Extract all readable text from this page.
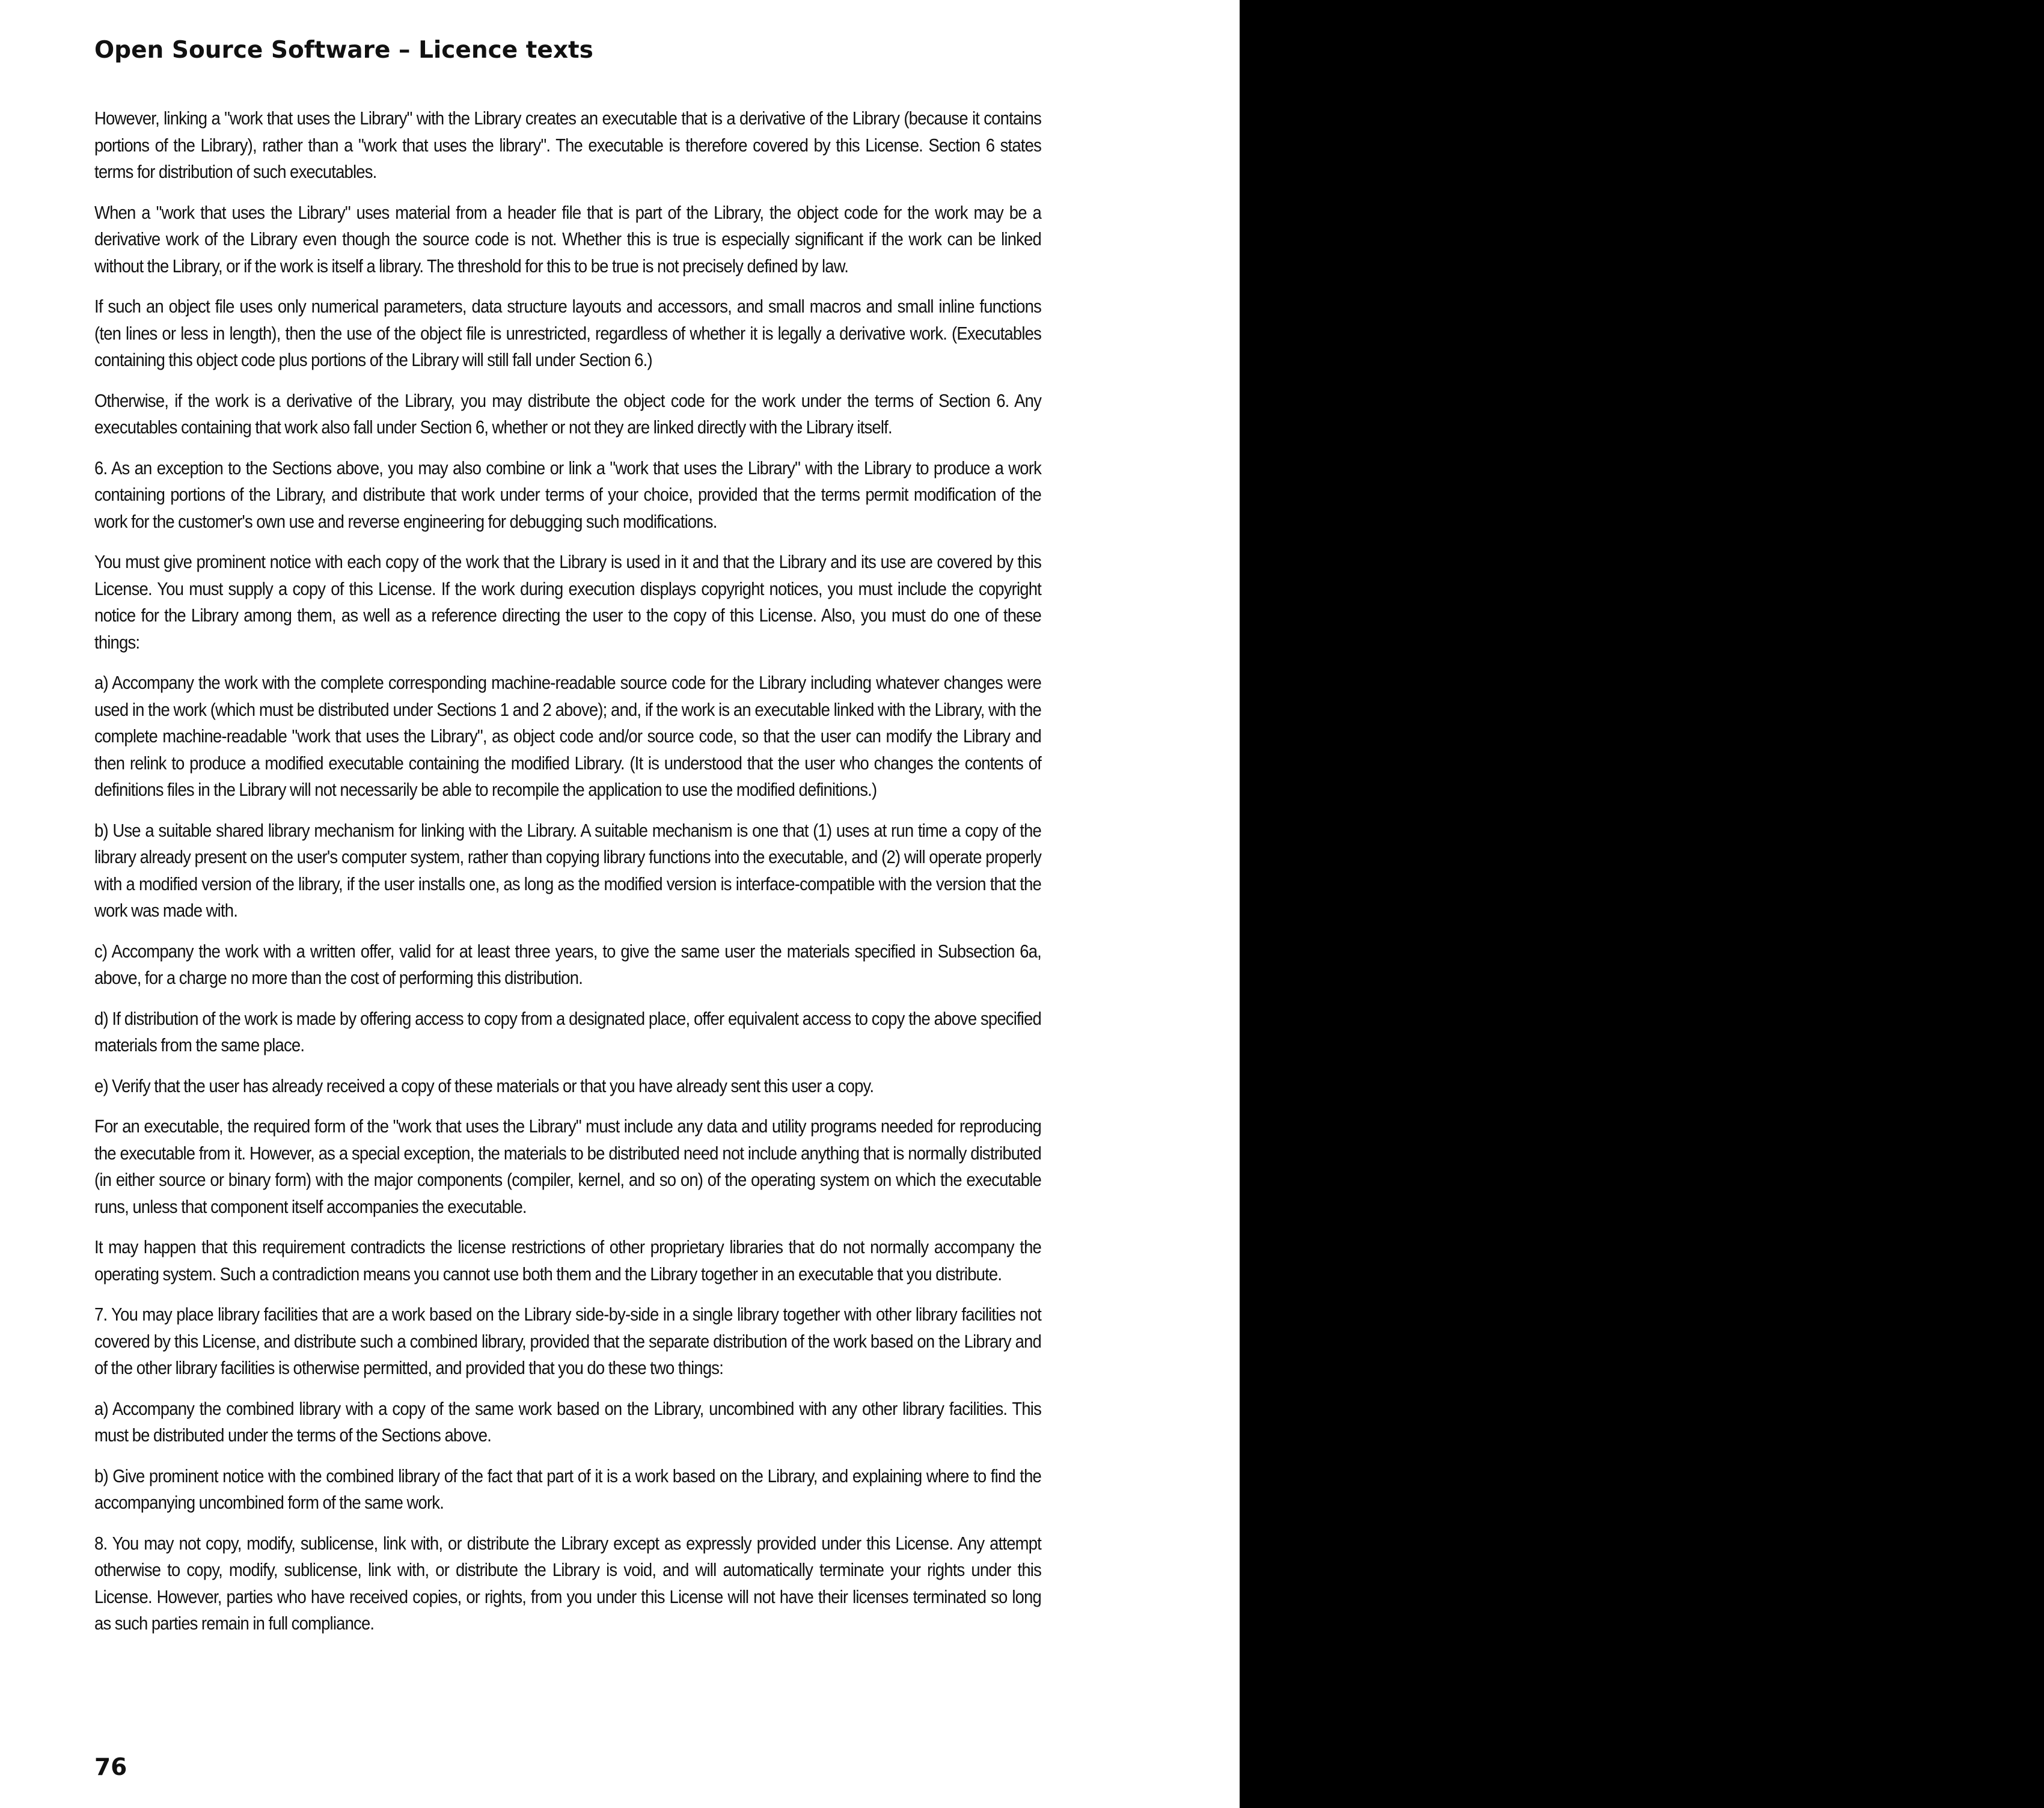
Open Source Software – Licence texts

However, linking a "work that uses the Library" with the Library creates an executable that is a derivative of the Library (because it contains portions of the Library), rather than a "work that uses the library". The executable is therefore covered by this License. Section 6 states terms for distribution of such executables.

When a "work that uses the Library" uses material from a header file that is part of the Library, the object code for the work may be a derivative work of the Library even though the source code is not. Whether this is true is especially significant if the work can be linked without the Library, or if the work is itself a library. The threshold for this to be true is not precisely defined by law.

If such an object file uses only numerical parameters, data structure layouts and accessors, and small macros and small inline functions (ten lines or less in length), then the use of the object file is unrestricted, regardless of whether it is legally a derivative work. (Executables containing this object code plus portions of the Library will still fall under Section 6.)

Otherwise, if the work is a derivative of the Library, you may distribute the object code for the work under the terms of Section 6. Any executables containing that work also fall under Section 6, whether or not they are linked directly with the Library itself.

6. As an exception to the Sections above, you may also combine or link a "work that uses the Library" with the Library to produce a work containing portions of the Library, and distribute that work under terms of your choice, provided that the terms permit modification of the work for the customer's own use and reverse engineering for debugging such modifications.

You must give prominent notice with each copy of the work that the Library is used in it and that the Library and its use are covered by this License. You must supply a copy of this License. If the work during execution displays copyright notices, you must include the copyright notice for the Library among them, as well as a reference directing the user to the copy of this License. Also, you must do one of these things:

a) Accompany the work with the complete corresponding machine-readable source code for the Library including whatever changes were used in the work (which must be distributed under Sections 1 and 2 above); and, if the work is an executable linked with the Library, with the complete machine-readable "work that uses the Library", as object code and/or source code, so that the user can modify the Library and then relink to produce a modified executable containing the modified Library. (It is understood that the user who changes the contents of definitions files in the Library will not necessarily be able to recompile the application to use the modified definitions.)

b) Use a suitable shared library mechanism for linking with the Library. A suitable mechanism is one that (1) uses at run time a copy of the library already present on the user's computer system, rather than copying library functions into the executable, and (2) will operate properly with a modified version of the library, if the user installs one, as long as the modified version is interface-compatible with the version that the work was made with.

c) Accompany the work with a written offer, valid for at least three years, to give the same user the materials specified in Subsection 6a, above, for a charge no more than the cost of performing this distribution.

d) If distribution of the work is made by offering access to copy from a designated place, offer equivalent access to copy the above specified materials from the same place.

e) Verify that the user has already received a copy of these materials or that you have already sent this user a copy.

For an executable, the required form of the "work that uses the Library" must include any data and utility programs needed for reproducing the executable from it. However, as a special exception, the materials to be distributed need not include anything that is normally distributed (in either source or binary form) with the major components (compiler, kernel, and so on) of the operating system on which the executable runs, unless that component itself accompanies the executable.

It may happen that this requirement contradicts the license restrictions of other proprietary libraries that do not normally accompany the operating system. Such a contradiction means you cannot use both them and the Library together in an executable that you distribute.

7. You may place library facilities that are a work based on the Library side-by-side in a single library together with other library facilities not covered by this License, and distribute such a combined library, provided that the separate distribution of the work based on the Library and of the other library facilities is otherwise permitted, and provided that you do these two things:

a) Accompany the combined library with a copy of the same work based on the Library, uncombined with any other library facilities. This must be distributed under the terms of the Sections above.

b) Give prominent notice with the combined library of the fact that part of it is a work based on the Library, and explaining where to find the accompanying uncombined form of the same work.

8. You may not copy, modify, sublicense, link with, or distribute the Library except as expressly provided under this License. Any attempt otherwise to copy, modify, sublicense, link with, or distribute the Library is void, and will automatically terminate your rights under this License. However, parties who have received copies, or rights, from you under this License will not have their licenses terminated so long as such parties remain in full compliance.

76
